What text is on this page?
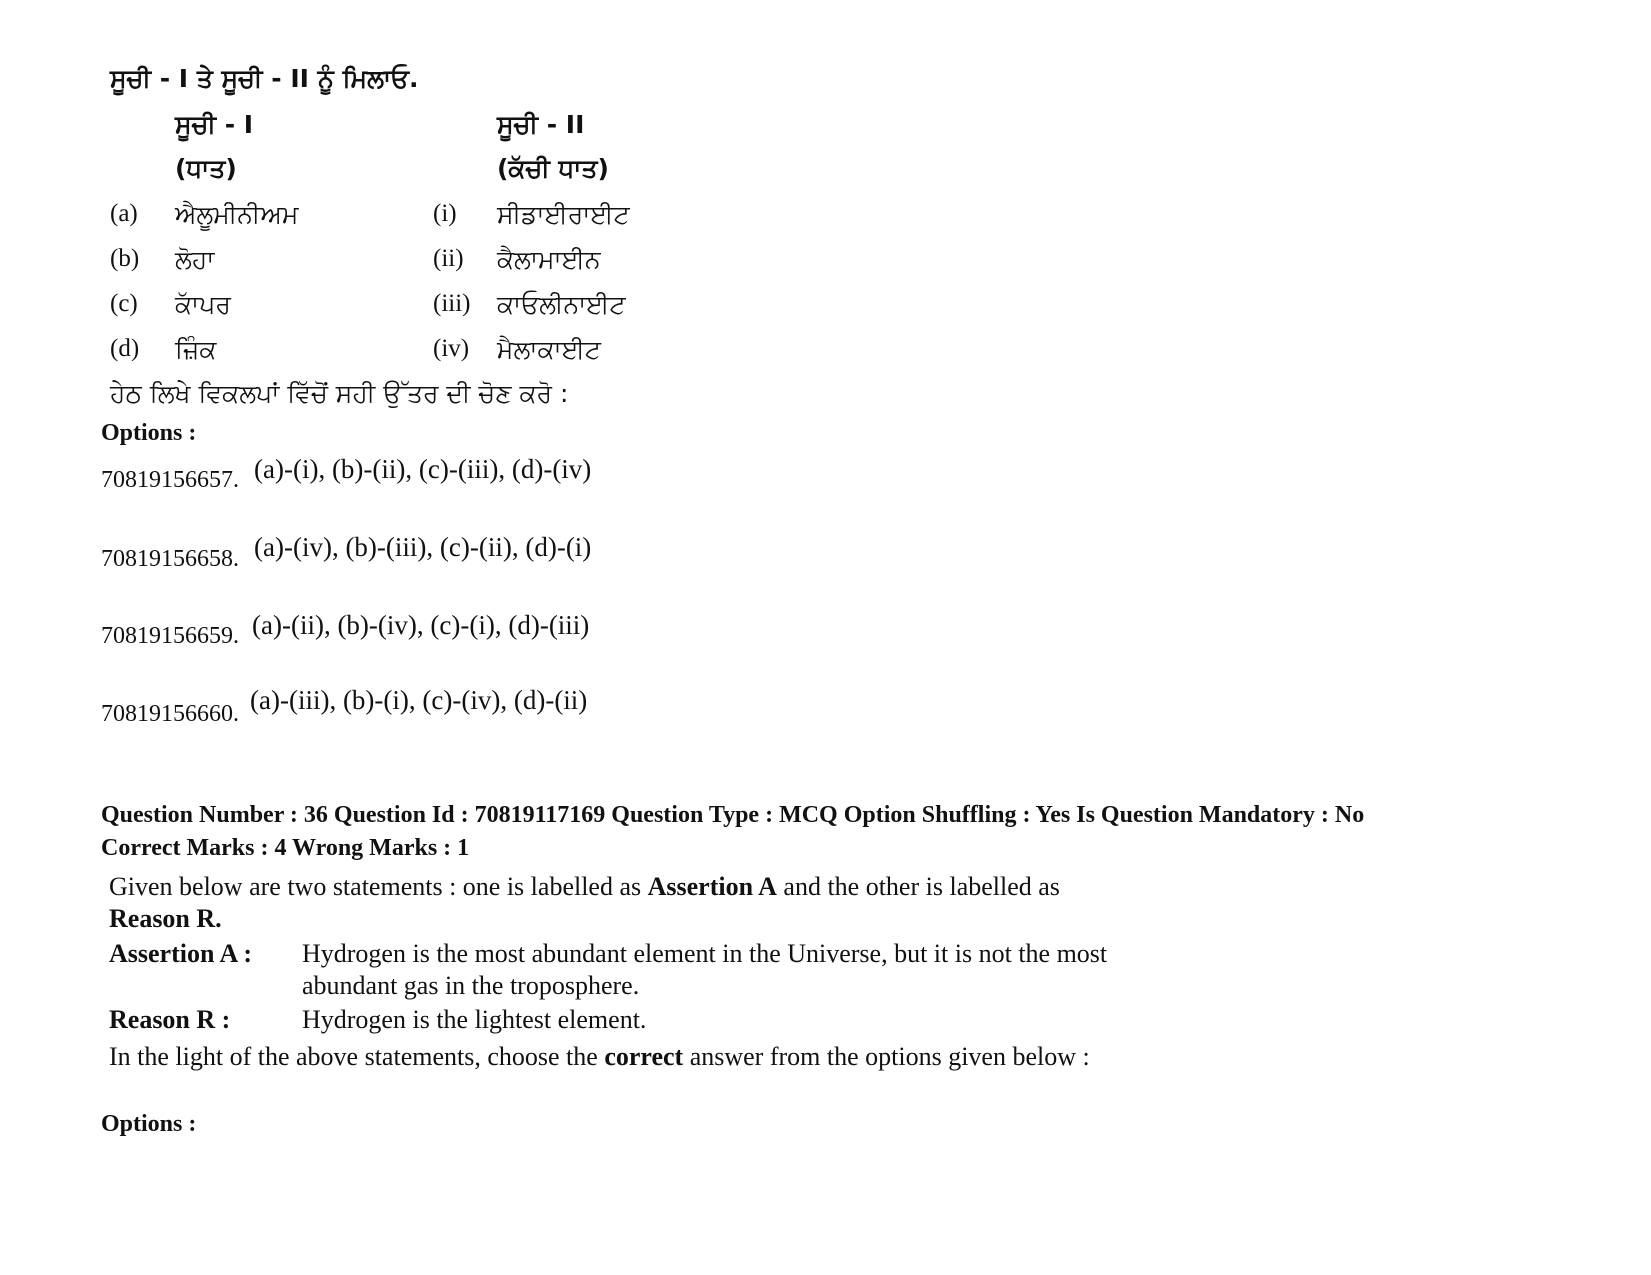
ਸੂਚੀ - I ਤੇ ਸੂਚੀ - II ਨੂੰ ਮਿਲਾਓ.
ਸੂਚੀ - I
(ਧਾਤ)
ਸੂਚੀ - II
(ਕੱਚੀ ਧਾਤ)
(a) ਐਲੂਮੀਨੀਅਮ	(i) ਸੀਡਾਈਰਾਈਟ
(b) ਲੋਹਾ	(ii) ਕੈਲਾਮਾਈਨ
(c) ਕਾੱਪਰ	(iii) ਕਾਓਲੀਨਾਈਟ
(d) ਜ਼ਿੰਕ	(iv) ਮੈਲਾਕਾਈਟ
ਹੇਠ ਲਿਖੇ ਵਿਕਲਪਾਂ ਵਿੱਚੋਂ ਸਹੀ ਉੱਤਰ ਦੀ ਚੋਣ ਕਰੋ :
Options :
70819156657. (a)-(i), (b)-(ii), (c)-(iii), (d)-(iv)
70819156658. (a)-(iv), (b)-(iii), (c)-(ii), (d)-(i)
70819156659. (a)-(ii), (b)-(iv), (c)-(i), (d)-(iii)
70819156660. (a)-(iii), (b)-(i), (c)-(iv), (d)-(ii)
Question Number : 36 Question Id : 70819117169 Question Type : MCQ Option Shuffling : Yes Is Question Mandatory : No
Correct Marks : 4 Wrong Marks : 1
Given below are two statements : one is labelled as Assertion A and the other is labelled as
Reason R.
Assertion A : Hydrogen is the most abundant element in the Universe, but it is not the most abundant gas in the troposphere.
Reason R :	Hydrogen is the lightest element.
In the light of the above statements, choose the correct answer from the options given below :
Options :
